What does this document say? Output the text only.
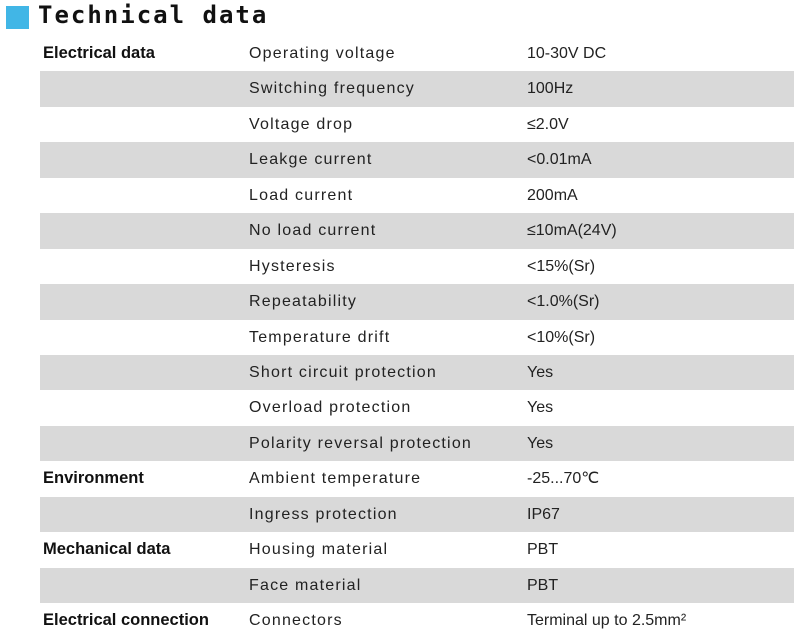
Technical data
Electrical data	Operating voltage	10-30V DC
Switching frequency	100Hz
Voltage drop	≤2.0V
Leakge current	<0.01mA
Load current	200mA
No load current	≤10mA(24V)
Hysteresis	<15%(Sr)
Repeatability	<1.0%(Sr)
Temperature drift	<10%(Sr)
Short circuit protection	Yes
Overload protection	Yes
Polarity reversal protection	Yes
Environment	Ambient temperature	-25...70℃
Ingress protection	IP67
Mechanical data	Housing material	PBT
Face material	PBT
Electrical connection	Connectors	Terminal up to 2.5mm²
